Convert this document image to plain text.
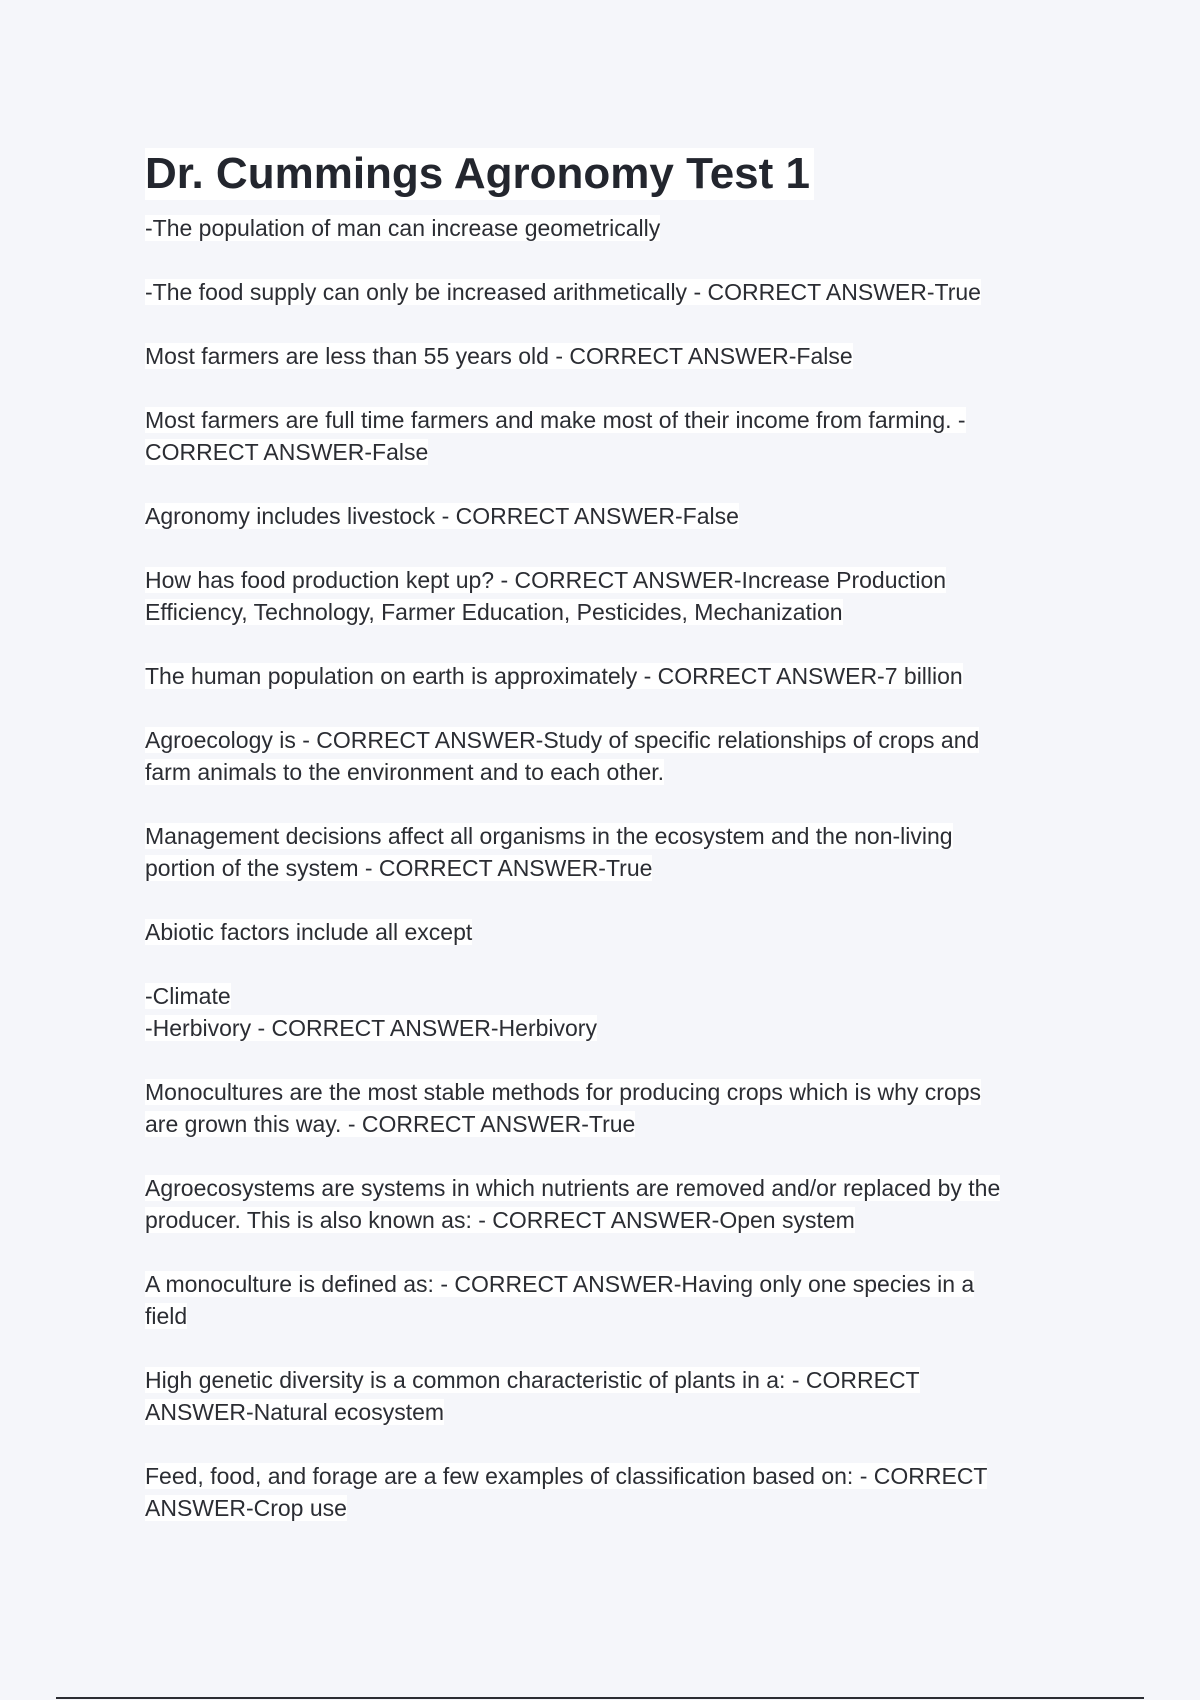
Dr. Cummings Agronomy Test 1
-The population of man can increase geometrically
-The food supply can only be increased arithmetically - CORRECT ANSWER-True
Most farmers are less than 55 years old - CORRECT ANSWER-False
Most farmers are full time farmers and make most of their income from farming. -
CORRECT ANSWER-False
Agronomy includes livestock - CORRECT ANSWER-False
How has food production kept up? - CORRECT ANSWER-Increase Production
Efficiency, Technology, Farmer Education, Pesticides, Mechanization
The human population on earth is approximately - CORRECT ANSWER-7 billion
Agroecology is - CORRECT ANSWER-Study of specific relationships of crops and
farm animals to the environment and to each other.
Management decisions affect all organisms in the ecosystem and the non-living
portion of the system - CORRECT ANSWER-True
Abiotic factors include all except
-Climate
-Herbivory - CORRECT ANSWER-Herbivory
Monocultures are the most stable methods for producing crops which is why crops
are grown this way. - CORRECT ANSWER-True
Agroecosystems are systems in which nutrients are removed and/or replaced by the
producer. This is also known as: - CORRECT ANSWER-Open system
A monoculture is defined as: - CORRECT ANSWER-Having only one species in a
field
High genetic diversity is a common characteristic of plants in a: - CORRECT
ANSWER-Natural ecosystem
Feed, food, and forage are a few examples of classification based on: - CORRECT
ANSWER-Crop use
